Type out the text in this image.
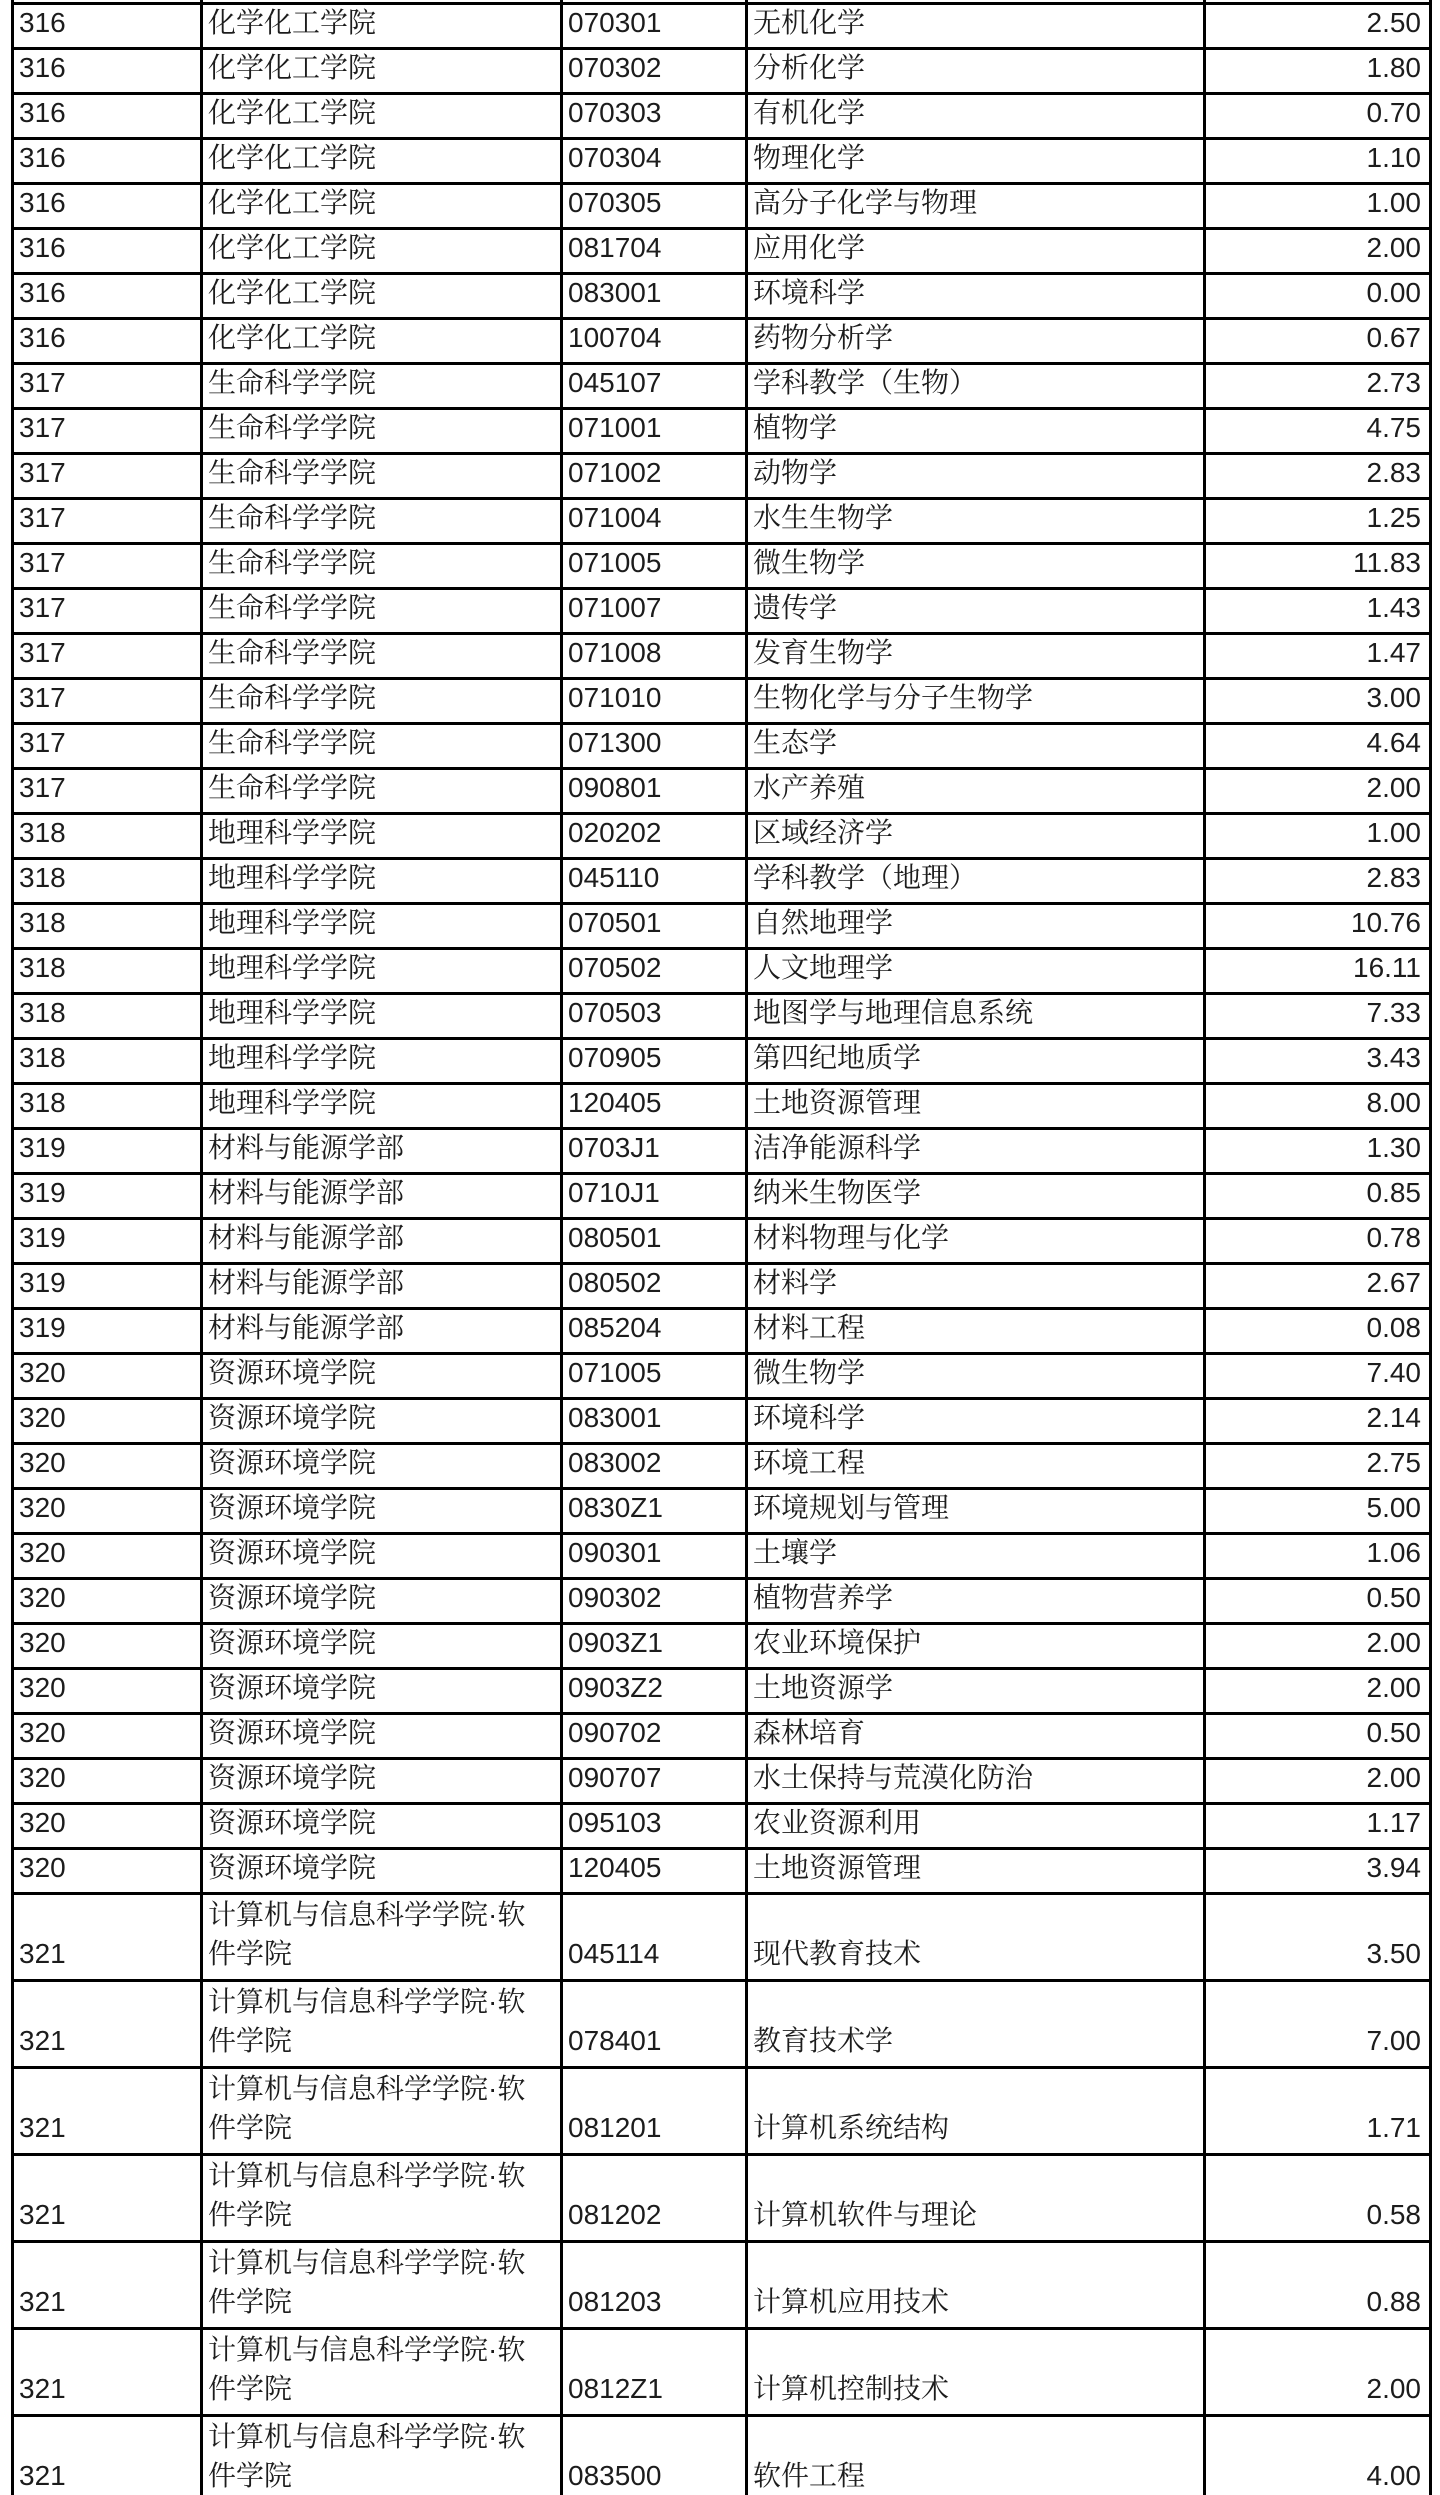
316	化学化工学院	070301	无机化学	2.50
316	化学化工学院	070302	分析化学	1.80
316	化学化工学院	070303	有机化学	0.70
316	化学化工学院	070304	物理化学	1.10
316	化学化工学院	070305	高分子化学与物理	1.00
316	化学化工学院	081704	应用化学	2.00
316	化学化工学院	083001	环境科学	0.00
316	化学化工学院	100704	药物分析学	0.67
317	生命科学学院	045107	学科教学（生物）	2.73
317	生命科学学院	071001	植物学	4.75
317	生命科学学院	071002	动物学	2.83
317	生命科学学院	071004	水生生物学	1.25
317	生命科学学院	071005	微生物学	11.83
317	生命科学学院	071007	遗传学	1.43
317	生命科学学院	071008	发育生物学	1.47
317	生命科学学院	071010	生物化学与分子生物学	3.00
317	生命科学学院	071300	生态学	4.64
317	生命科学学院	090801	水产养殖	2.00
318	地理科学学院	020202	区域经济学	1.00
318	地理科学学院	045110	学科教学（地理）	2.83
318	地理科学学院	070501	自然地理学	10.76
318	地理科学学院	070502	人文地理学	16.11
318	地理科学学院	070503	地图学与地理信息系统	7.33
318	地理科学学院	070905	第四纪地质学	3.43
318	地理科学学院	120405	土地资源管理	8.00
319	材料与能源学部	0703J1	洁净能源科学	1.30
319	材料与能源学部	0710J1	纳米生物医学	0.85
319	材料与能源学部	080501	材料物理与化学	0.78
319	材料与能源学部	080502	材料学	2.67
319	材料与能源学部	085204	材料工程	0.08
320	资源环境学院	071005	微生物学	7.40
320	资源环境学院	083001	环境科学	2.14
320	资源环境学院	083002	环境工程	2.75
320	资源环境学院	0830Z1	环境规划与管理	5.00
320	资源环境学院	090301	土壤学	1.06
320	资源环境学院	090302	植物营养学	0.50
320	资源环境学院	0903Z1	农业环境保护	2.00
320	资源环境学院	0903Z2	土地资源学	2.00
320	资源环境学院	090702	森林培育	0.50
320	资源环境学院	090707	水土保持与荒漠化防治	2.00
320	资源环境学院	095103	农业资源利用	1.17
320	资源环境学院	120405	土地资源管理	3.94
321	计算机与信息科学学院·软件学院	045114	现代教育技术	3.50
321	计算机与信息科学学院·软件学院	078401	教育技术学	7.00
321	计算机与信息科学学院·软件学院	081201	计算机系统结构	1.71
321	计算机与信息科学学院·软件学院	081202	计算机软件与理论	0.58
321	计算机与信息科学学院·软件学院	081203	计算机应用技术	0.88
321	计算机与信息科学学院·软件学院	0812Z1	计算机控制技术	2.00
321	计算机与信息科学学院·软件学院	083500	软件工程	4.00
